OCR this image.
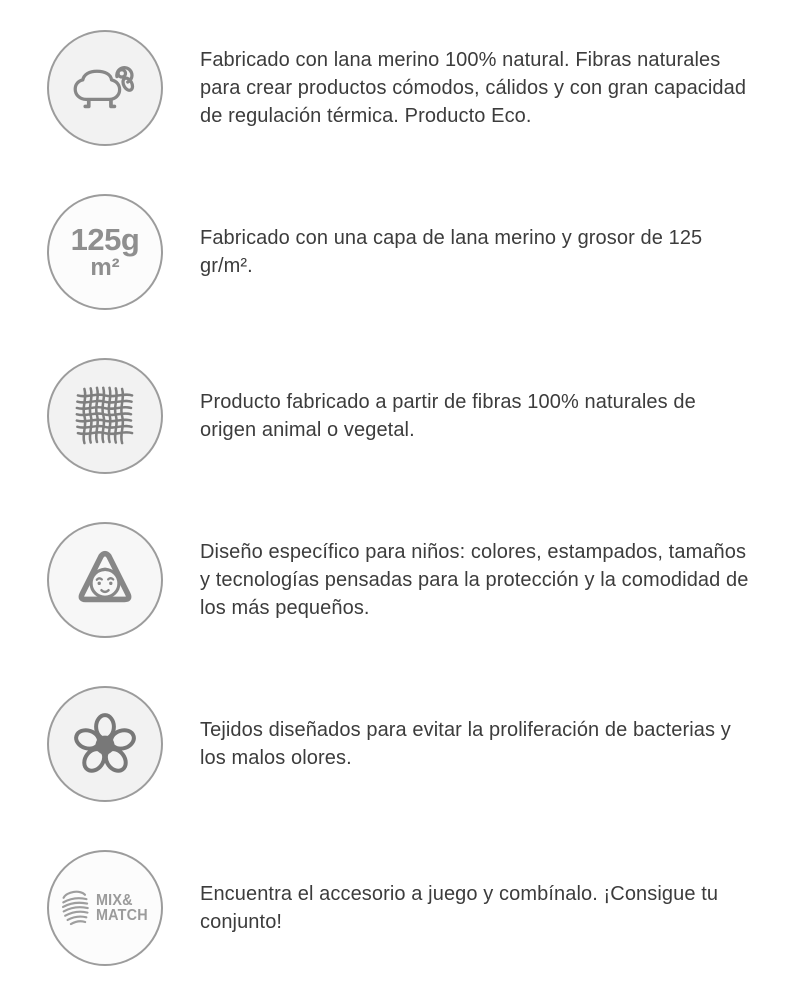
Fabricado con lana merino 100% natural. Fibras naturales para crear productos cómodos, cálidos y con gran capacidad de regulación térmica. Producto Eco.

125g
m²

Fabricado con una capa de lana merino y grosor de 125 gr/m².

Producto fabricado a partir de fibras 100% naturales de origen animal o vegetal.

Diseño específico para niños: colores, estampados, tamaños y tecnologías pensadas para la protección y la comodidad de los más pequeños.

Tejidos diseñados para evitar la proliferación de bacterias y los malos olores.

MIX&
MATCH

Encuentra el accesorio a juego y combínalo. ¡Consigue tu conjunto!
